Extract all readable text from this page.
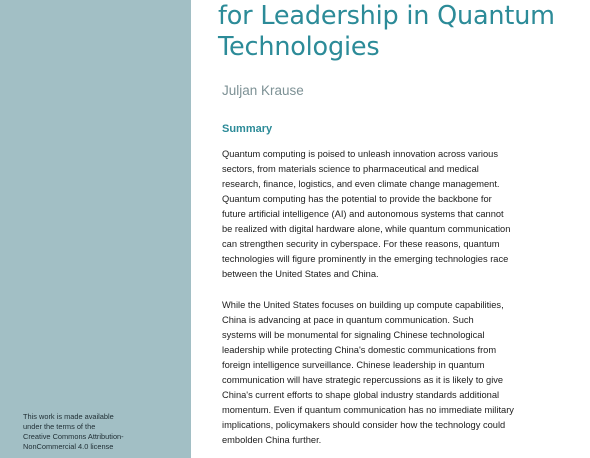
This work is made available
under the terms of the
Creative Commons Attribution-
NonCommercial 4.0 license
for Leadership in Quantum
Technologies
Juljan Krause
Summary

Quantum computing is poised to unleash innovation across various
sectors, from materials science to pharmaceutical and medical
research, finance, logistics, and even climate change management.
Quantum computing has the potential to provide the backbone for
future artificial intelligence (AI) and autonomous systems that cannot
be realized with digital hardware alone, while quantum communication
can strengthen security in cyberspace. For these reasons, quantum
technologies will figure prominently in the emerging technologies race
between the United States and China.

While the United States focuses on building up compute capabilities,
China is advancing at pace in quantum communication. Such
systems will be monumental for signaling Chinese technological
leadership while protecting China's domestic communications from
foreign intelligence surveillance. Chinese leadership in quantum
communication will have strategic repercussions as it is likely to give
China's current efforts to shape global industry standards additional
momentum. Even if quantum communication has no immediate military
implications, policymakers should consider how the technology could
embolden China further.
